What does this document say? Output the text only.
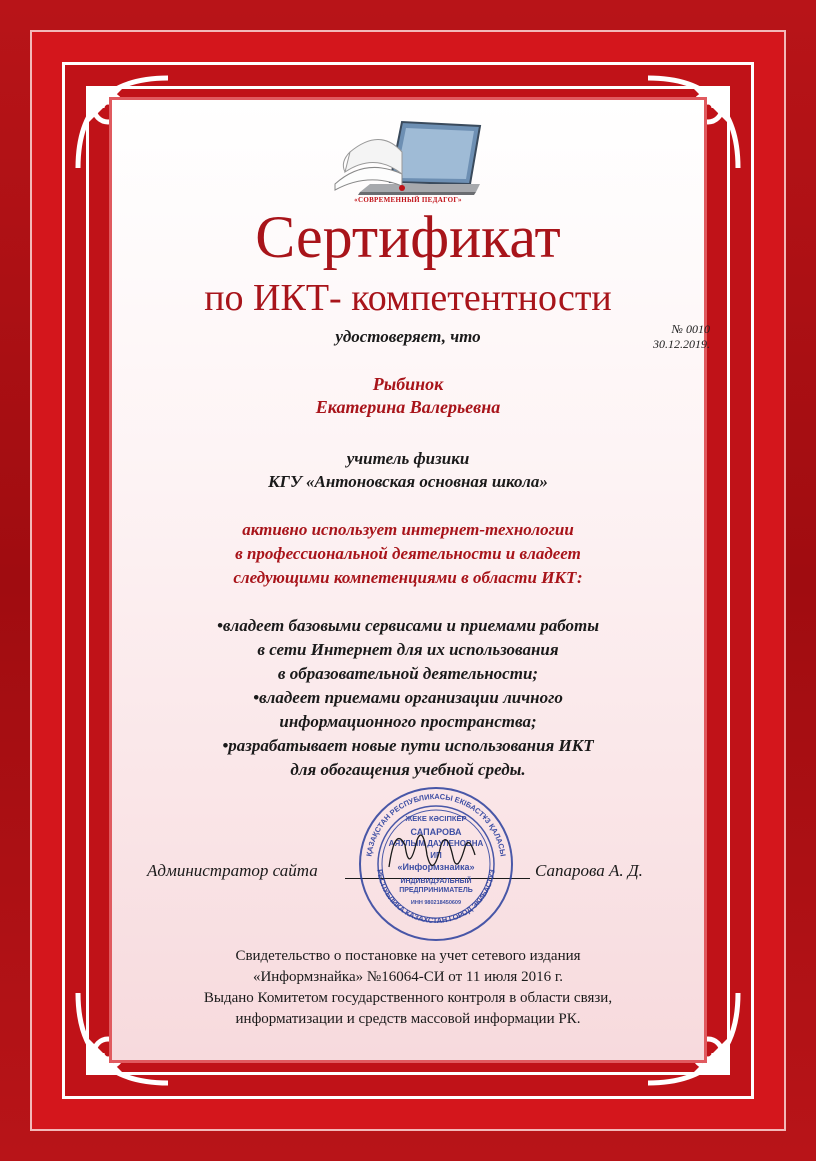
«СОВРЕМЕННЫЙ ПЕДАГОГ»
Сертификат
по ИКТ- компетентности
удостоверяет, что	№ 0010
30.12.2019.
Рыбинок
Екатерина Валерьевна
учитель физики
КГУ «Антоновская основная школа»
активно использует интернет-технологии
в профессиональной деятельности и владеет
следующими компетенциями в области ИКТ:
•владеет базовыми сервисами и приемами работы
в сети Интернет для их использования
в образовательной деятельности;
•владеет приемами организации личного
информационного пространства;
•разрабатывает новые пути использования ИКТ
для обогащения учебной среды.
Администратор сайта	Сапарова А. Д.
ҚАЗАҚСТАН РЕСПУБЛИКАСЫ ЕКІБАСТҰЗ ҚАЛАСЫ
РЕСПУБЛИКА КАЗАХСТАН ГОРОД ЭКИБАСТУЗ
ЖЕКЕ КӘСІПКЕР
САПАРОВА
АЯУЛЫМ ДАУЛЕНОВНА
ИП
«Информзнайка»
ИНДИВИДУАЛЬНЫЙ
ПРЕДПРИНИМАТЕЛЬ
ИНН 980218450609
Свидетельство о постановке на учет сетевого издания
«Информзнайка» №16064-СИ от 11 июля 2016 г.
Выдано Комитетом государственного контроля в области связи,
информатизации и средств массовой информации РК.
